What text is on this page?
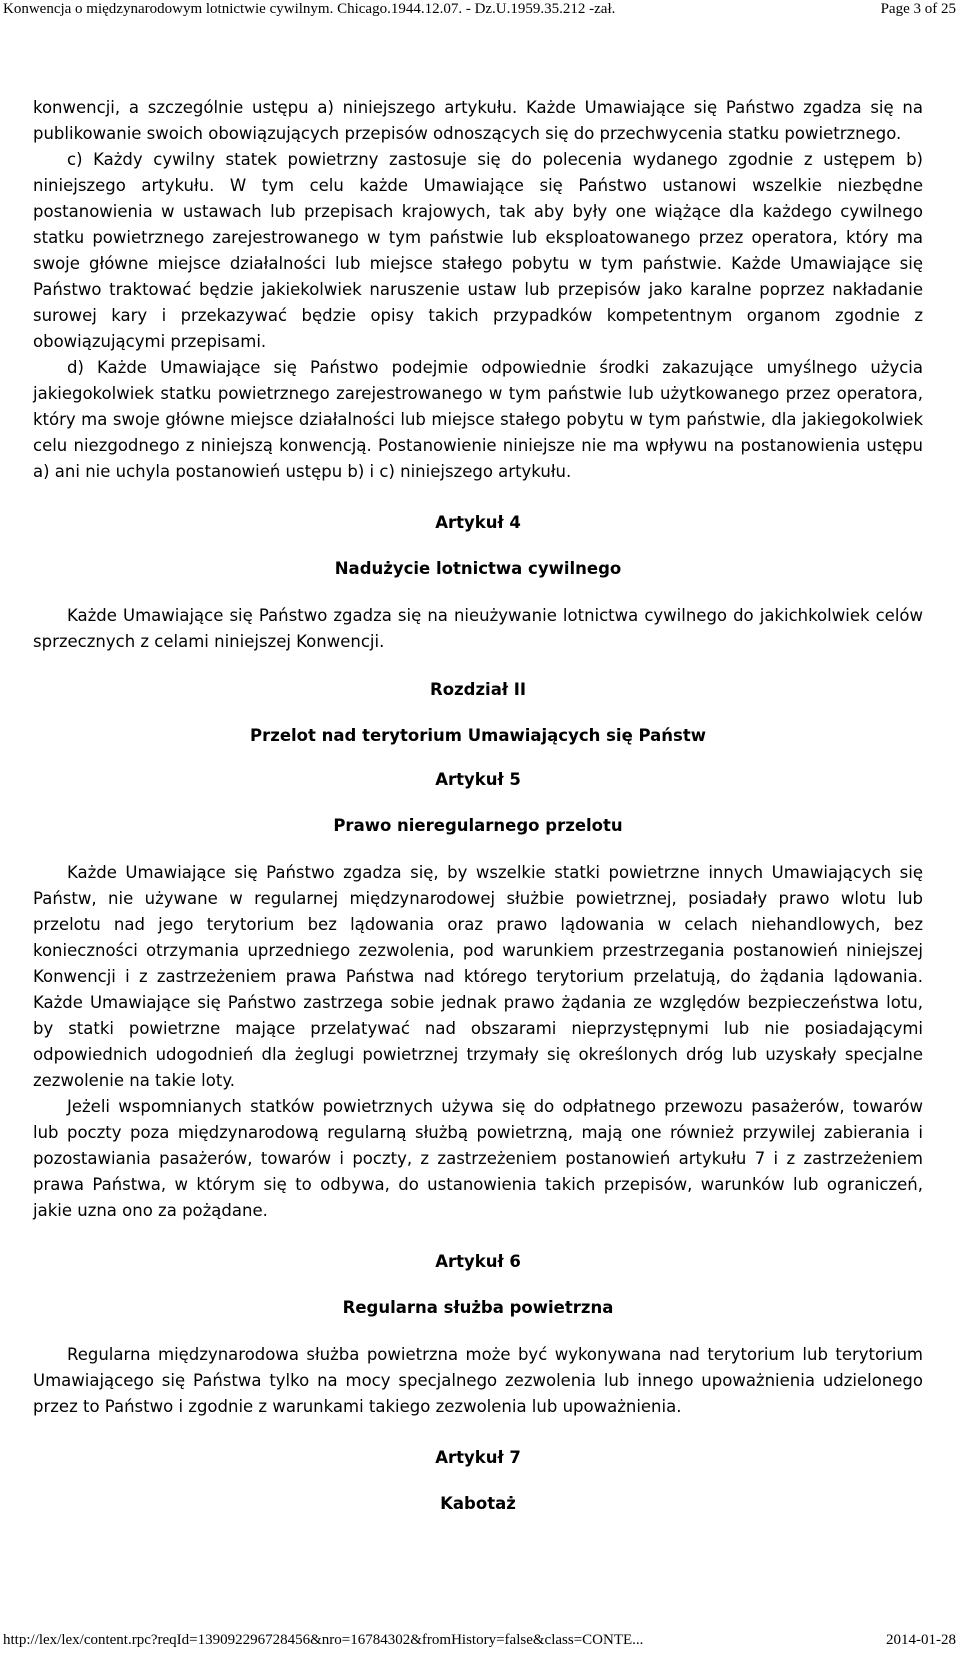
Konwencja o międzynarodowym lotnictwie cywilnym. Chicago.1944.12.07. - Dz.U.1959.35.212 -zał.	Page 3 of 25

konwencji, a szczególnie ustępu a) niniejszego artykułu. Każde Umawiające się Państwo zgadza się na publikowanie swoich obowiązujących przepisów odnoszących się do przechwycenia statku powietrznego.

c) Każdy cywilny statek powietrzny zastosuje się do polecenia wydanego zgodnie z ustępem b) niniejszego artykułu. W tym celu każde Umawiające się Państwo ustanowi wszelkie niezbędne postanowienia w ustawach lub przepisach krajowych, tak aby były one wiążące dla każdego cywilnego statku powietrznego zarejestrowanego w tym państwie lub eksploatowanego przez operatora, który ma swoje główne miejsce działalności lub miejsce stałego pobytu w tym państwie. Każde Umawiające się Państwo traktować będzie jakiekolwiek naruszenie ustaw lub przepisów jako karalne poprzez nakładanie surowej kary i przekazywać będzie opisy takich przypadków kompetentnym organom zgodnie z obowiązującymi przepisami.

d) Każde Umawiające się Państwo podejmie odpowiednie środki zakazujące umyślnego użycia jakiegokolwiek statku powietrznego zarejestrowanego w tym państwie lub użytkowanego przez operatora, który ma swoje główne miejsce działalności lub miejsce stałego pobytu w tym państwie, dla jakiegokolwiek celu niezgodnego z niniejszą konwencją. Postanowienie niniejsze nie ma wpływu na postanowienia ustępu a) ani nie uchyla postanowień ustępu b) i c) niniejszego artykułu.

Artykuł 4
Nadużycie lotnictwa cywilnego

Każde Umawiające się Państwo zgadza się na nieużywanie lotnictwa cywilnego do jakichkolwiek celów sprzecznych z celami niniejszej Konwencji.

Rozdział II
Przelot nad terytorium Umawiających się Państw
Artykuł 5
Prawo nieregularnego przelotu

Każde Umawiające się Państwo zgadza się, by wszelkie statki powietrzne innych Umawiających się Państw, nie używane w regularnej międzynarodowej służbie powietrznej, posiadały prawo wlotu lub przelotu nad jego terytorium bez lądowania oraz prawo lądowania w celach niehandlowych, bez konieczności otrzymania uprzedniego zezwolenia, pod warunkiem przestrzegania postanowień niniejszej Konwencji i z zastrzeżeniem prawa Państwa nad którego terytorium przelatują, do żądania lądowania. Każde Umawiające się Państwo zastrzega sobie jednak prawo żądania ze względów bezpieczeństwa lotu, by statki powietrzne mające przelatywać nad obszarami nieprzystępnymi lub nie posiadającymi odpowiednich udogodnień dla żeglugi powietrznej trzymały się określonych dróg lub uzyskały specjalne zezwolenie na takie loty.

Jeżeli wspomnianych statków powietrznych używa się do odpłatnego przewozu pasażerów, towarów lub poczty poza międzynarodową regularną służbą powietrzną, mają one również przywilej zabierania i pozostawiania pasażerów, towarów i poczty, z zastrzeżeniem postanowień artykułu 7 i z zastrzeżeniem prawa Państwa, w którym się to odbywa, do ustanowienia takich przepisów, warunków lub ograniczeń, jakie uzna ono za pożądane.

Artykuł 6
Regularna służba powietrzna

Regularna międzynarodowa służba powietrzna może być wykonywana nad terytorium lub terytorium Umawiającego się Państwa tylko na mocy specjalnego zezwolenia lub innego upoważnienia udzielonego przez to Państwo i zgodnie z warunkami takiego zezwolenia lub upoważnienia.

Artykuł 7
Kabotaż
http://lex/lex/content.rpc?reqId=139092296728456&nro=16784302&fromHistory=false&class=CONTE...	2014-01-28
